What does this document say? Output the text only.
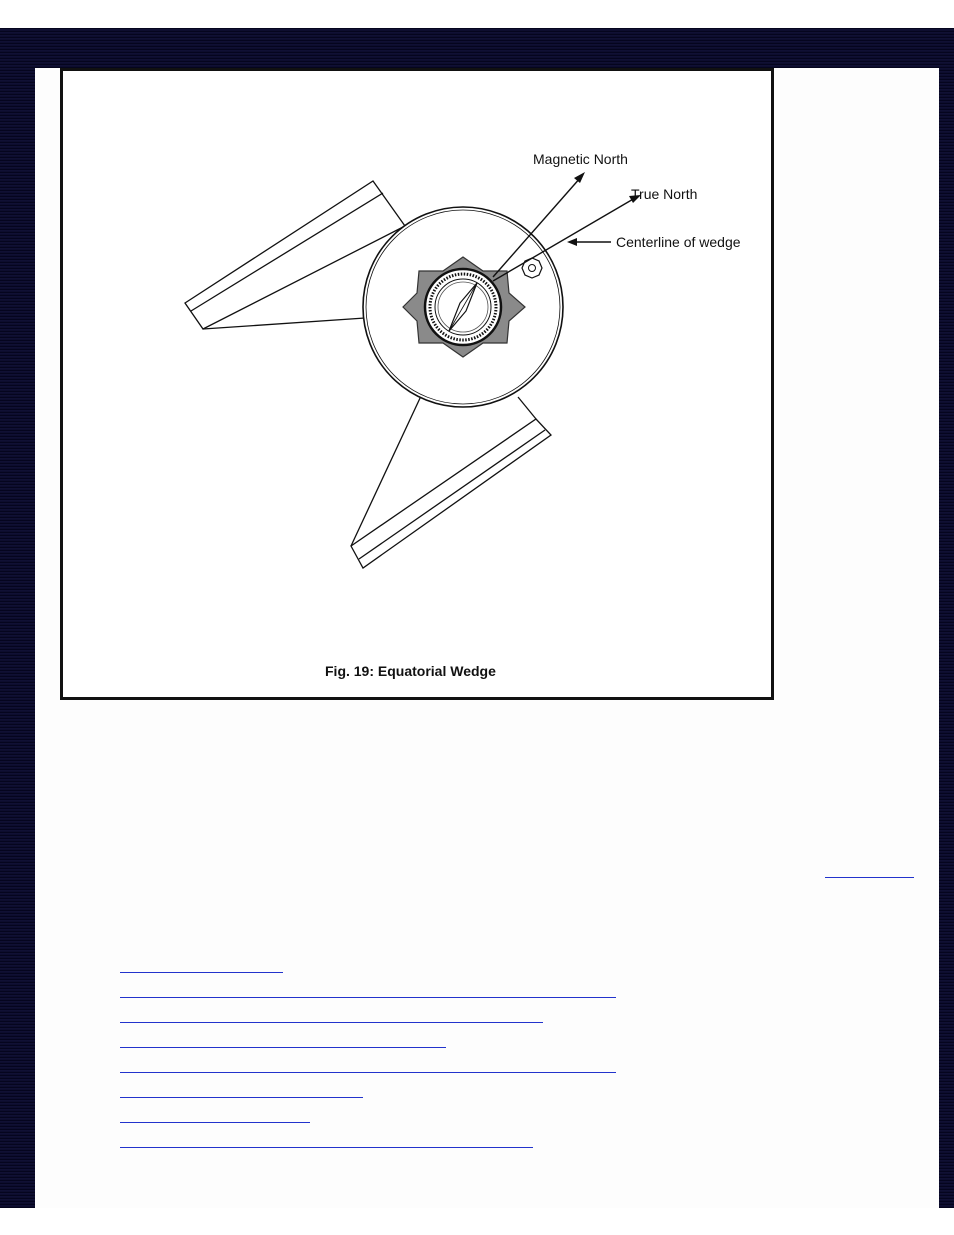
Magnetic North
True North
Centerline of wedge
Fig. 19: Equatorial Wedge
